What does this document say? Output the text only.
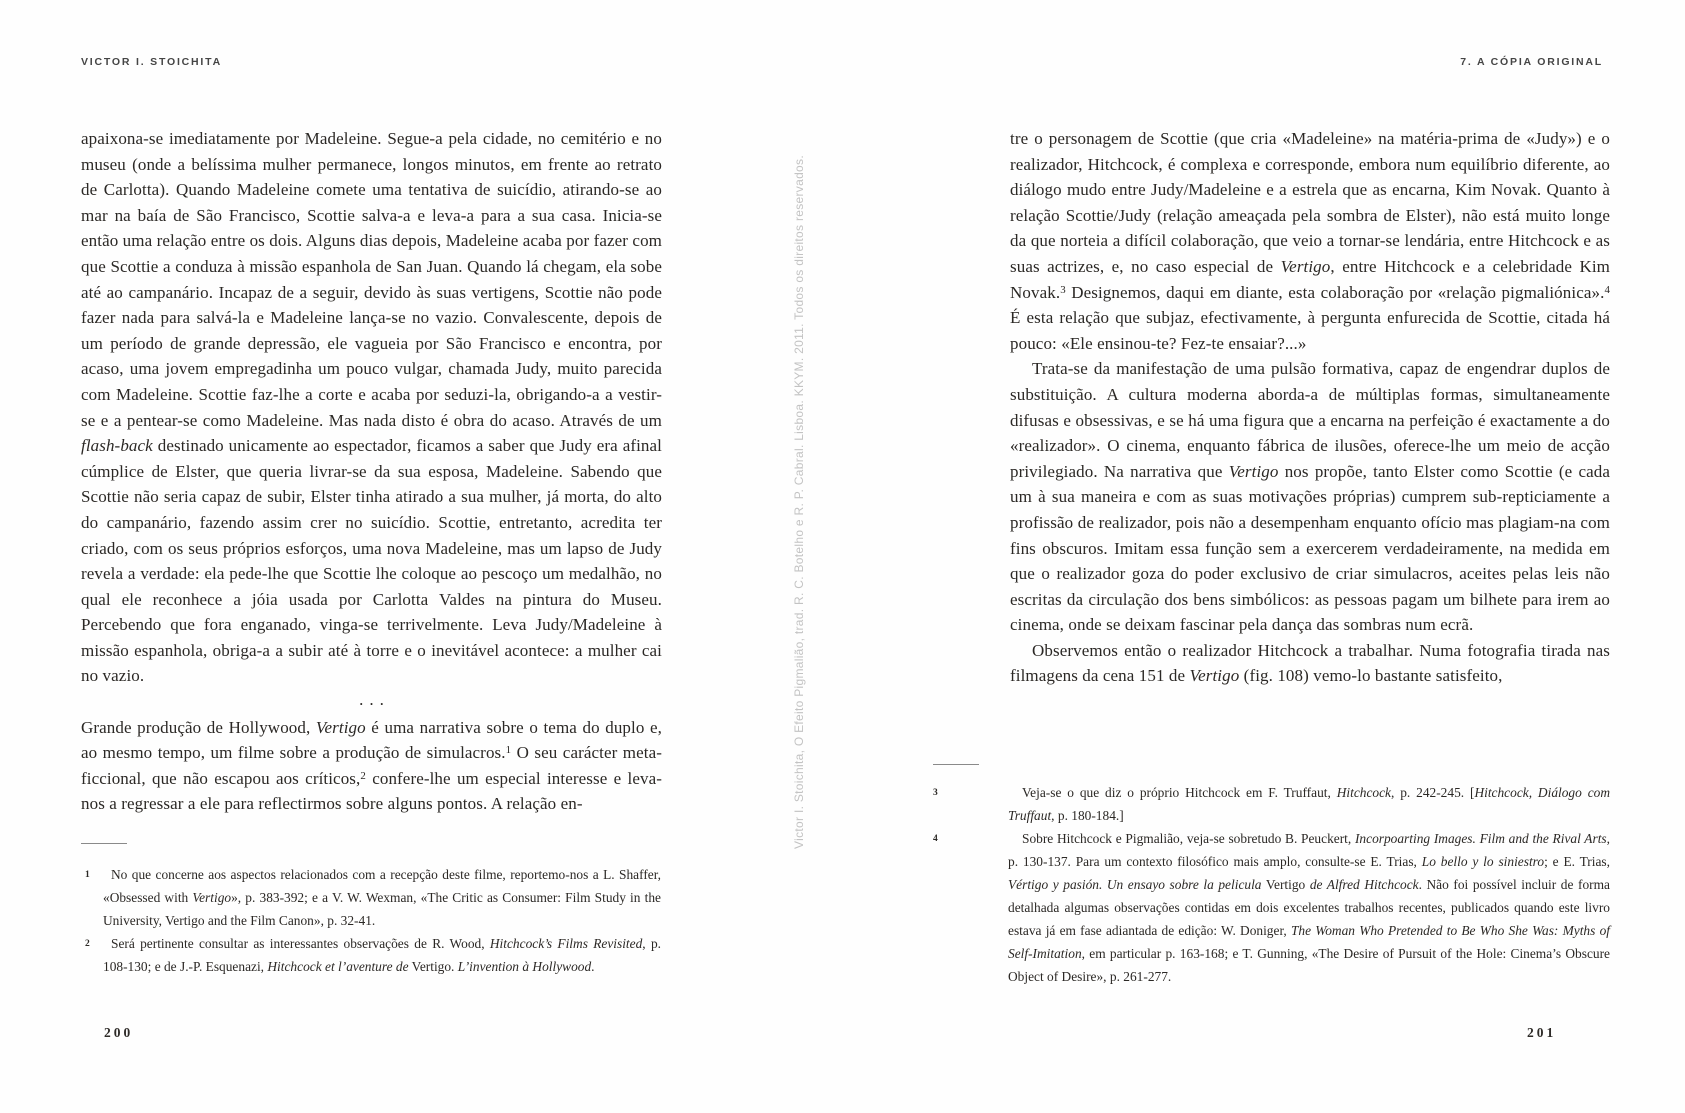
VICTOR I. STOICHITA	7. A CÓPIA ORIGINAL

apaixona-se imediatamente por Madeleine. Segue-a pela cidade, no cemitério e no museu (onde a belíssima mulher permanece, longos minutos, em frente ao retrato de Carlotta). Quando Madeleine comete uma tentativa de suicídio, atirando-se ao mar na baía de São Francisco, Scottie salva-a e leva-a para a sua casa. Inicia-se então uma relação entre os dois. Alguns dias depois, Madeleine acaba por fazer com que Scottie a conduza à missão espanhola de San Juan. Quando lá chegam, ela sobe até ao campanário. Incapaz de a seguir, devido às suas vertigens, Scottie não pode fazer nada para salvá-la e Madeleine lança-se no vazio. Convalescente, depois de um período de grande depressão, ele vagueia por São Francisco e encontra, por acaso, uma jovem empregadinha um pouco vulgar, chamada Judy, muito parecida com Madeleine. Scottie faz-lhe a corte e acaba por seduzi-la, obrigando-a a vestir-se e a pentear-se como Madeleine. Mas nada disto é obra do acaso. Através de um flash-back destinado unicamente ao espectador, ficamos a saber que Judy era afinal cúmplice de Elster, que queria livrar-se da sua esposa, Madeleine. Sabendo que Scottie não seria capaz de subir, Elster tinha atirado a sua mulher, já morta, do alto do campanário, fazendo assim crer no suicídio. Scottie, entretanto, acredita ter criado, com os seus próprios esforços, uma nova Madeleine, mas um lapso de Judy revela a verdade: ela pede-lhe que Scottie lhe coloque ao pescoço um medalhão, no qual ele reconhece a jóia usada por Carlotta Valdes na pintura do Museu. Percebendo que fora enganado, vinga-se terrivelmente. Leva Judy/Madeleine à missão espanhola, obriga-a a subir até à torre e o inevitável acontece: a mulher cai no vazio.

...

Grande produção de Hollywood, Vertigo é uma narrativa sobre o tema do duplo e, ao mesmo tempo, um filme sobre a produção de simulacros.$^1$ O seu carácter meta-ficcional, que não escapou aos críticos,$^2$ confere-lhe um especial interesse e leva-nos a regressar a ele para reflectirmos sobre alguns pontos. A relação en-

1 No que concerne aos aspectos relacionados com a recepção deste filme, reportemo-nos a L. Shaffer, «Obsessed with Vertigo», p. 383-392; e a V. W. Wexman, «The Critic as Consumer: Film Study in the University, Vertigo and the Film Canon», p. 32-41.
2 Será pertinente consultar as interessantes observações de R. Wood, Hitchcock’s Films Revisited, p. 108-130; e de J.-P. Esquenazi, Hitchcock et l’aventure de Vertigo. L’invention à Hollywood.
200
Victor I. Stoichita, O Efeito Pigmalião, trad. R. C. Botelho e R. P. Cabral. Lisboa. KKYM. 2011. Todos os direitos reservados.

tre o personagem de Scottie (que cria «Madeleine» na matéria-prima de «Judy») e o realizador, Hitchcock, é complexa e corresponde, embora num equilíbrio diferente, ao diálogo mudo entre Judy/Madeleine e a estrela que as encarna, Kim Novak. Quanto à relação Scottie/Judy (relação ameaçada pela sombra de Elster), não está muito longe da que norteia a difícil colaboração, que veio a tornar-se lendária, entre Hitchcock e as suas actrizes, e, no caso especial de Vertigo, entre Hitchcock e a celebridade Kim Novak.$^3$ Designemos, daqui em diante, esta colaboração por «relação pigmaliónica».$^4$ É esta relação que subjaz, efectivamente, à pergunta enfurecida de Scottie, citada há pouco: «Ele ensinou-te? Fez-te ensaiar?...»

Trata-se da manifestação de uma pulsão formativa, capaz de engendrar duplos de substituição. A cultura moderna aborda-a de múltiplas formas, simultaneamente difusas e obsessivas, e se há uma figura que a encarna na perfeição é exactamente a do «realizador». O cinema, enquanto fábrica de ilusões, oferece-lhe um meio de acção privilegiado. Na narrativa que Vertigo nos propõe, tanto Elster como Scottie (e cada um à sua maneira e com as suas motivações próprias) cumprem sub-repticiamente a profissão de realizador, pois não a desempenham enquanto ofício mas plagiam-na com fins obscuros. Imitam essa função sem a exercerem verdadeiramente, na medida em que o realizador goza do poder exclusivo de criar simulacros, aceites pelas leis não escritas da circulação dos bens simbólicos: as pessoas pagam um bilhete para irem ao cinema, onde se deixam fascinar pela dança das sombras num ecrã.

Observemos então o realizador Hitchcock a trabalhar. Numa fotografia tirada nas filmagens da cena 151 de Vertigo (fig. 108) vemo-lo bastante satisfeito,

3	Veja-se o que diz o próprio Hitchcock em F. Truffaut, Hitchcock, p. 242-245. [Hitchcock, Diálogo com Truffaut, p. 180-184.]
4	Sobre Hitchcock e Pigmalião, veja-se sobretudo B. Peuckert, Incorpoarting Images. Film and the Rival Arts, p. 130-137. Para um contexto filosófico mais amplo, consulte-se E. Trias, Lo bello y lo siniestro; e E. Trias, Vértigo y pasión. Un ensayo sobre la pelicula Vertigo de Alfred Hitchcock. Não foi possível incluir de forma detalhada algumas observações contidas em dois excelentes trabalhos recentes, publicados quando este livro estava já em fase adiantada de edição: W. Doniger, The Woman Who Pretended to Be Who She Was: Myths of Self-Imitation, em particular p. 163-168; e T. Gunning, «The Desire of Pursuit of the Hole: Cinema’s Obscure Object of Desire», p. 261-277.
201
